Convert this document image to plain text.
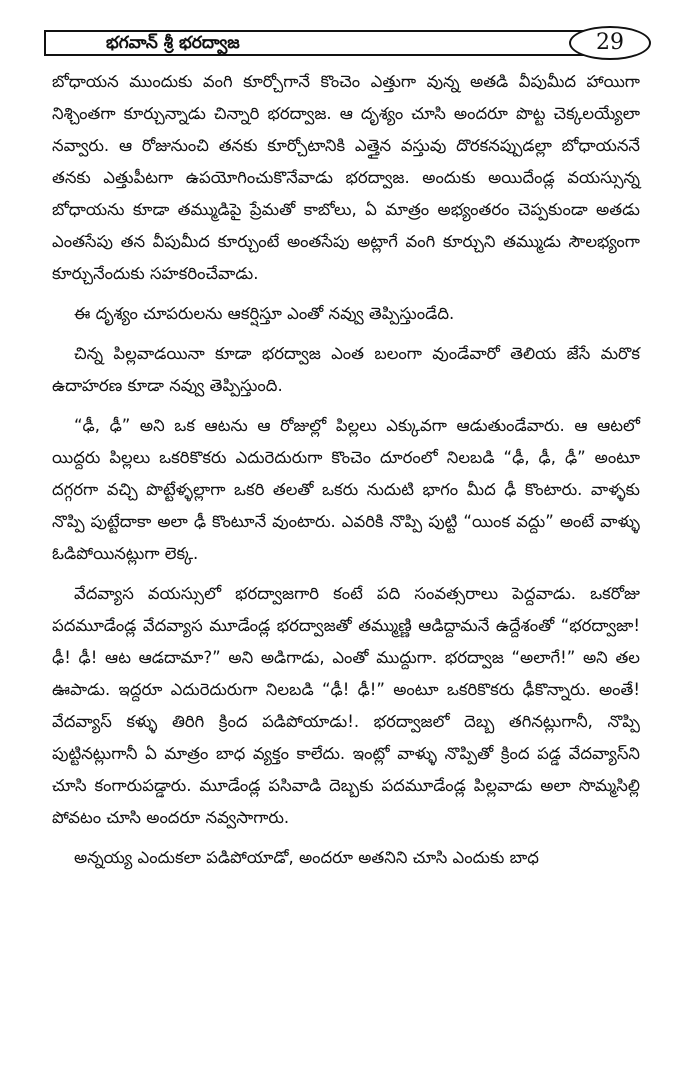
భగవాన్ శ్రీ భరద్వాజ	29

బోధాయన ముందుకు వంగి కూర్చోగానే కొంచెం ఎత్తుగా వున్న అతడి వీపుమీద హాయిగా నిశ్చింతగా కూర్చున్నాడు చిన్నారి భరద్వాజ. ఆ దృశ్యం చూసి అందరూ పొట్ట చెక్కలయ్యేలా నవ్వారు. ఆ రోజునుంచి తనకు కూర్చోటానికి ఎత్తైన వస్తువు దొరకనప్పుడల్లా బోధాయననే తనకు ఎత్తుపీటగా ఉపయోగించుకొనేవాడు భరద్వాజ. అందుకు అయిదేండ్ల వయస్సున్న బోధాయను కూడా తమ్ముడిపై ప్రేమతో కాబోలు, ఏ మాత్రం అభ్యంతరం చెప్పకుండా అతడు ఎంతసేపు తన వీపుమీద కూర్చుంటే అంతసేపు అట్లాగే వంగి కూర్చుని తమ్ముడు సౌలభ్యంగా కూర్చునేందుకు సహకరించేవాడు.

ఈ దృశ్యం చూపరులను ఆకర్షిస్తూ ఎంతో నవ్వు తెప్పిస్తుండేది.

చిన్న పిల్లవాడయినా కూడా భరద్వాజ ఎంత బలంగా వుండేవారో తెలియ జేసే మరొక ఉదాహరణ కూడా నవ్వు తెప్పిస్తుంది.

“ఢీ, ఢీ” అని ఒక ఆటను ఆ రోజుల్లో పిల్లలు ఎక్కువగా ఆడుతుండేవారు. ఆ ఆటలో యిద్దరు పిల్లలు ఒకరికొకరు ఎదురెదురుగా కొంచెం దూరంలో నిలబడి “ఢీ, ఢీ, ఢీ” అంటూ దగ్గరగా వచ్చి పొట్టేళ్ళల్లాగా ఒకరి తలతో ఒకరు నుదుటి భాగం మీద ఢీ కొంటారు. వాళ్ళకు నొప్పి పుట్టేదాకా అలా ఢీ కొంటూనే వుంటారు. ఎవరికి నొప్పి పుట్టి “యింక వద్దు” అంటే వాళ్ళు ఓడిపోయినట్లుగా లెక్క.

వేదవ్యాస వయస్సులో భరద్వాజగారి కంటే పది సంవత్సరాలు పెద్దవాడు. ఒకరోజు పదమూడేండ్ల వేదవ్యాస మూడేండ్ల భరద్వాజతో తమ్ముణ్ణి ఆడిద్దామనే ఉద్దేశంతో “భరద్వాజా! ఢీ! ఢీ! ఆట ఆడదామా?” అని అడిగాడు, ఎంతో ముద్దుగా. భరద్వాజ “అలాగే!” అని తల ఊపాడు. ఇద్దరూ ఎదురెదురుగా నిలబడి “ఢీ! ఢీ!” అంటూ ఒకరికొకరు ఢీకొన్నారు. అంతే! వేదవ్యాస్ కళ్ళు తిరిగి క్రింద పడిపోయాడు!. భరద్వాజలో దెబ్బ తగినట్లుగానీ, నొప్పి పుట్టినట్లుగానీ ఏ మాత్రం బాధ వ్యక్తం కాలేదు. ఇంట్లో వాళ్ళు నొప్పితో క్రింద పడ్డ వేదవ్యాస్‌ని చూసి కంగారుపడ్డారు. మూడేండ్ల పసివాడి దెబ్బకు పదమూడేండ్ల పిల్లవాడు అలా సొమ్మసిల్లి పోవటం చూసి అందరూ నవ్వసాగారు.

అన్నయ్య ఎందుకలా పడిపోయాడో, అందరూ అతనిని చూసి ఎందుకు బాధ
